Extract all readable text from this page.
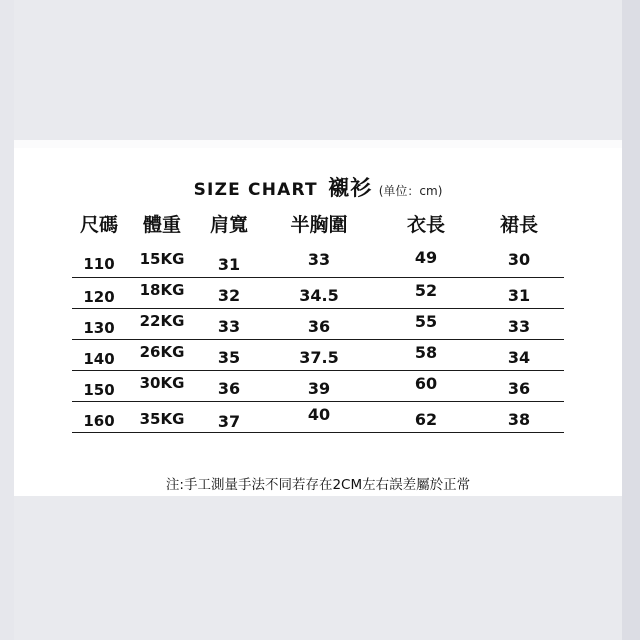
SIZE CHART 襯衫 (单位：cm)
尺碼	體重	肩寬	半胸圍	衣長	裙長
110	15KG	31	33	49	30
120	18KG	32	34.5	52	31
130	22KG	33	36	55	33
140	26KG	35	37.5	58	34
150	30KG	36	39	60	36
160	35KG	37	40	62	38
注:手工測量手法不同若存在2CM左右誤差屬於正常
